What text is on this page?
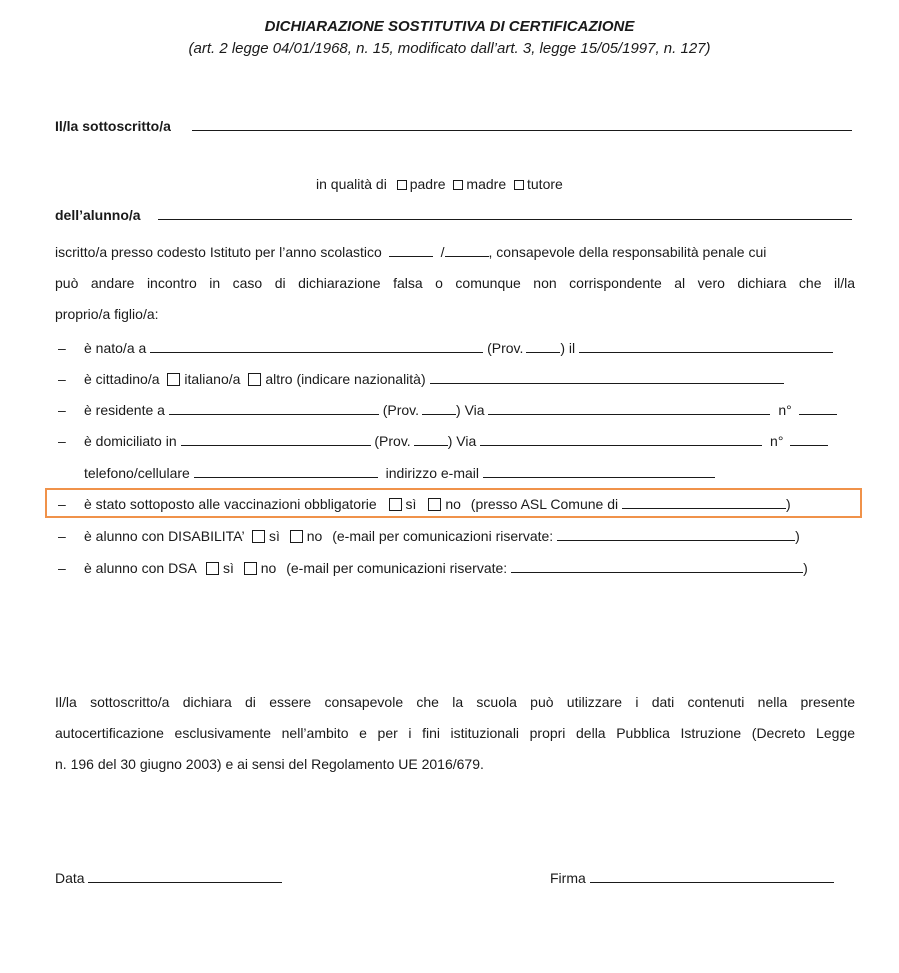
DICHIARAZIONE SOSTITUTIVA DI CERTIFICAZIONE
(art. 2 legge 04/01/1968, n. 15, modificato dall’art. 3, legge 15/05/1997, n. 127)
Il/la sottoscritto/a
in qualità di padre madre tutore
dell’alunno/a
iscritto/a presso codesto Istituto per l’anno scolastico	/	, consapevole della responsabilità penale cui
può andare incontro in caso di dichiarazione falsa o comunque non corrispondente al vero dichiara che il/la
proprio/a figlio/a:
– è nato/a a	(Prov.	) il
– è cittadino/a italiano/a altro (indicare nazionalità)
– è residente a	(Prov.	) Via	n°
– è domiciliato in	(Prov.	) Via	n°
telefono/cellulare	indirizzo e-mail
– è stato sottoposto alle vaccinazioni obbligatorie sì no (presso ASL Comune di	)
– è alunno con DISABILITA’ sì no (e-mail per comunicazioni riservate:	)
– è alunno con DSA sì no (e-mail per comunicazioni riservate:	)
Il/la sottoscritto/a dichiara di essere consapevole che la scuola può utilizzare i dati contenuti nella presente
autocertificazione esclusivamente nell’ambito e per i fini istituzionali propri della Pubblica Istruzione (Decreto Legge
n. 196 del 30 giugno 2003) e ai sensi del Regolamento UE 2016/679.
Data	Firma
